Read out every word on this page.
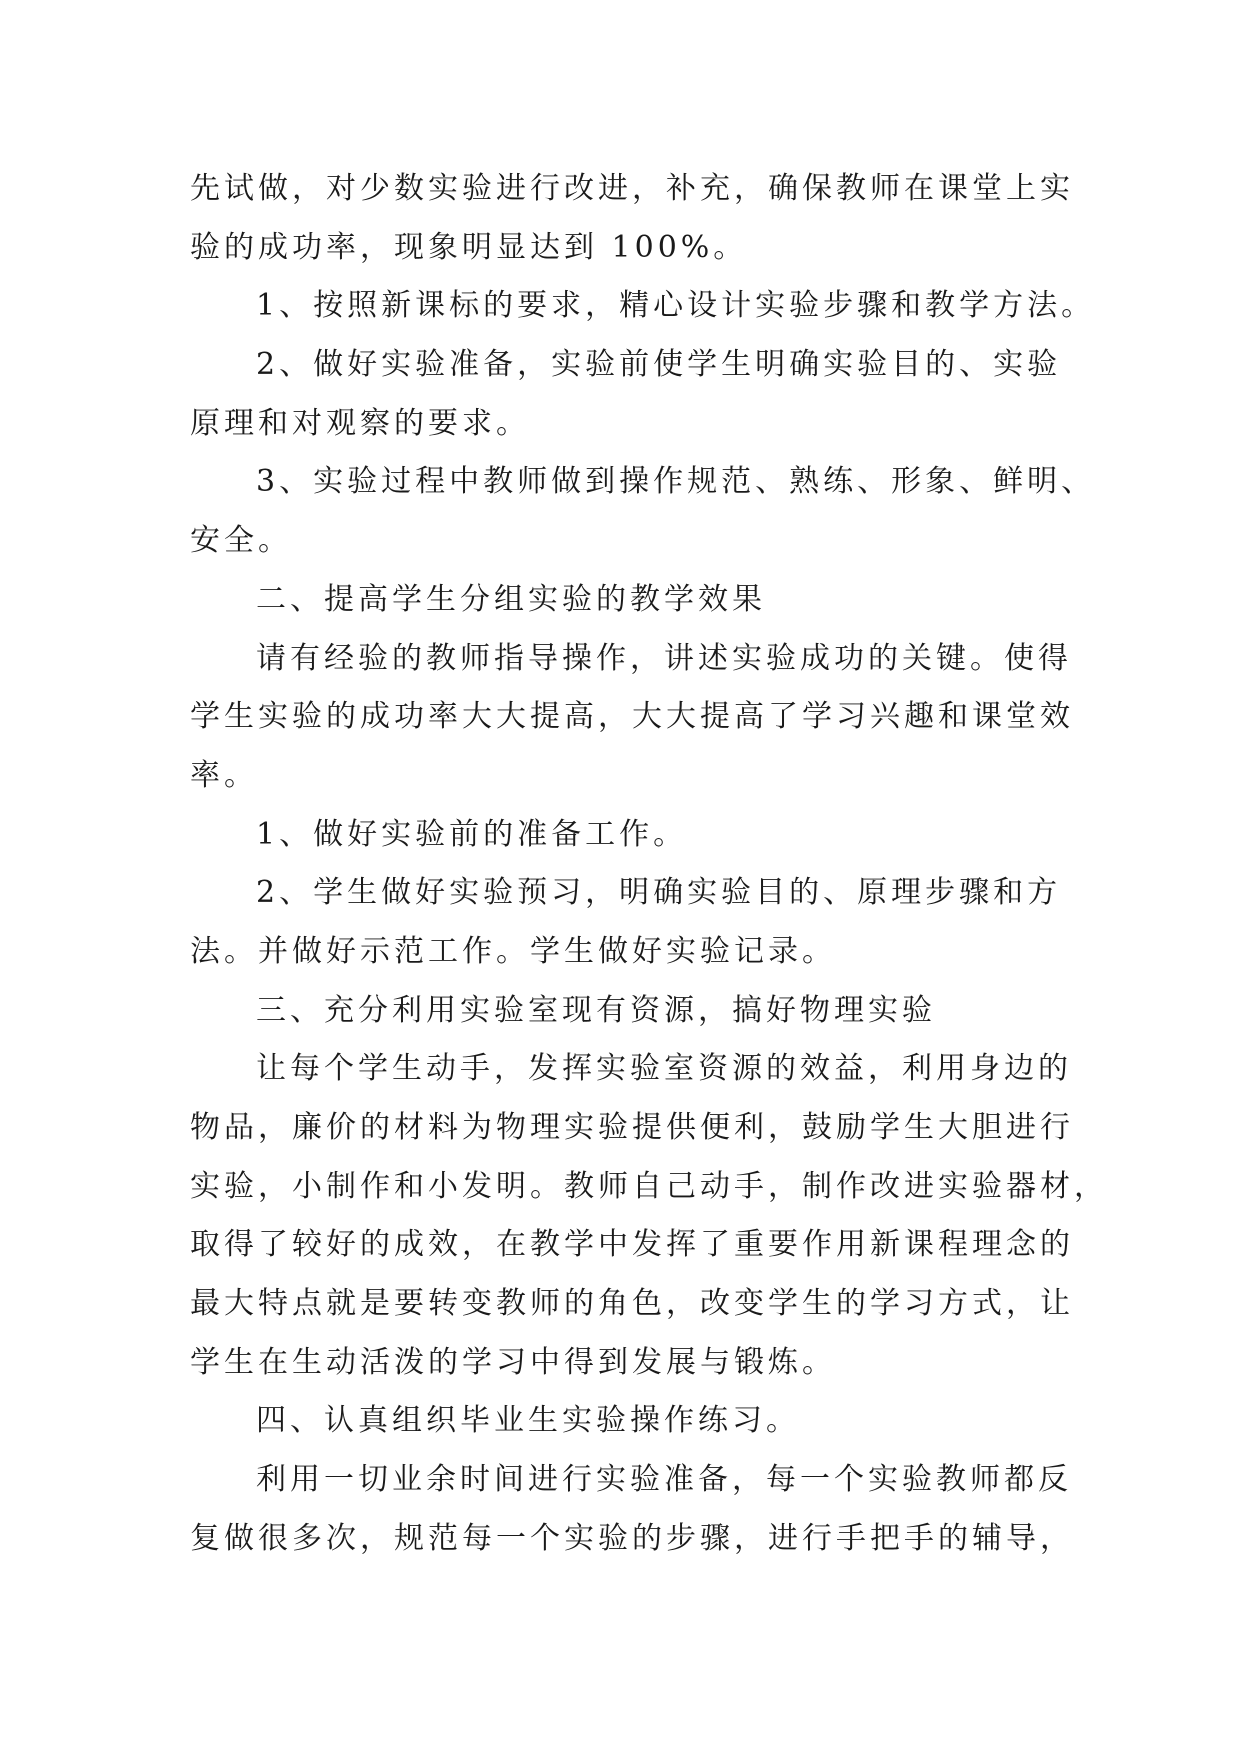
先试做，对少数实验进行改进，补充，确保教师在课堂上实
验的成功率，现象明显达到 100%。
1、按照新课标的要求，精心设计实验步骤和教学方法。
2、做好实验准备，实验前使学生明确实验目的、实验
原理和对观察的要求。
3、实验过程中教师做到操作规范、熟练、形象、鲜明、
安全。
二、提高学生分组实验的教学效果
请有经验的教师指导操作，讲述实验成功的关键。使得
学生实验的成功率大大提高，大大提高了学习兴趣和课堂效
率。
1、做好实验前的准备工作。
2、学生做好实验预习，明确实验目的、原理步骤和方
法。并做好示范工作。学生做好实验记录。
三、充分利用实验室现有资源，搞好物理实验
让每个学生动手，发挥实验室资源的效益，利用身边的
物品，廉价的材料为物理实验提供便利，鼓励学生大胆进行
实验，小制作和小发明。教师自己动手，制作改进实验器材，
取得了较好的成效，在教学中发挥了重要作用新课程理念的
最大特点就是要转变教师的角色，改变学生的学习方式，让
学生在生动活泼的学习中得到发展与锻炼。
四、认真组织毕业生实验操作练习。
利用一切业余时间进行实验准备，每一个实验教师都反
复做很多次，规范每一个实验的步骤，进行手把手的辅导，
